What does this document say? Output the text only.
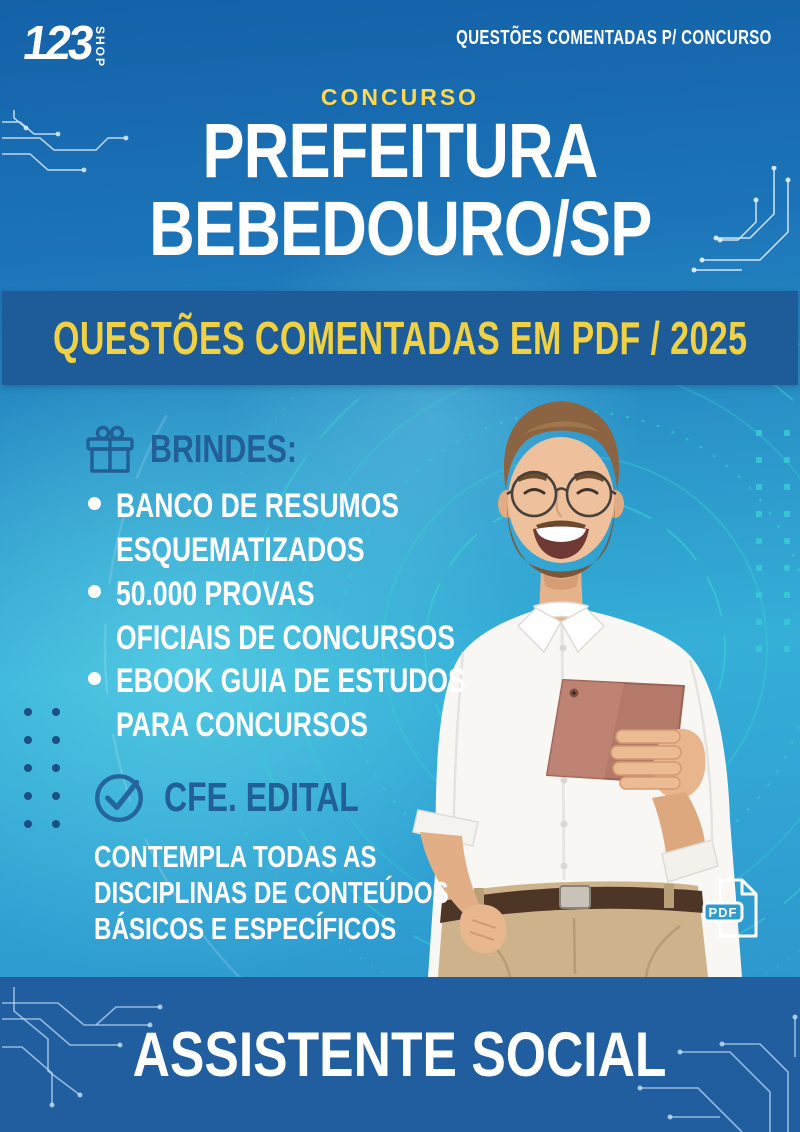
123
SHOP	QUESTÕES COMENTADAS P/ CONCURSO
CONCURSO
PREFEITURA
BEBEDOURO/SP
QUESTÕES COMENTADAS EM PDF / 2025
BRINDES:
BANCO DE RESUMOS
ESQUEMATIZADOS
50.000 PROVAS
OFICIAIS DE CONCURSOS
EBOOK GUIA DE ESTUDOS
PARA CONCURSOS
CFE. EDITAL
CONTEMPLA TODAS AS
DISCIPLINAS DE CONTEÚDOS
BÁSICOS E ESPECÍFICOS	PDF
ASSISTENTE SOCIAL
